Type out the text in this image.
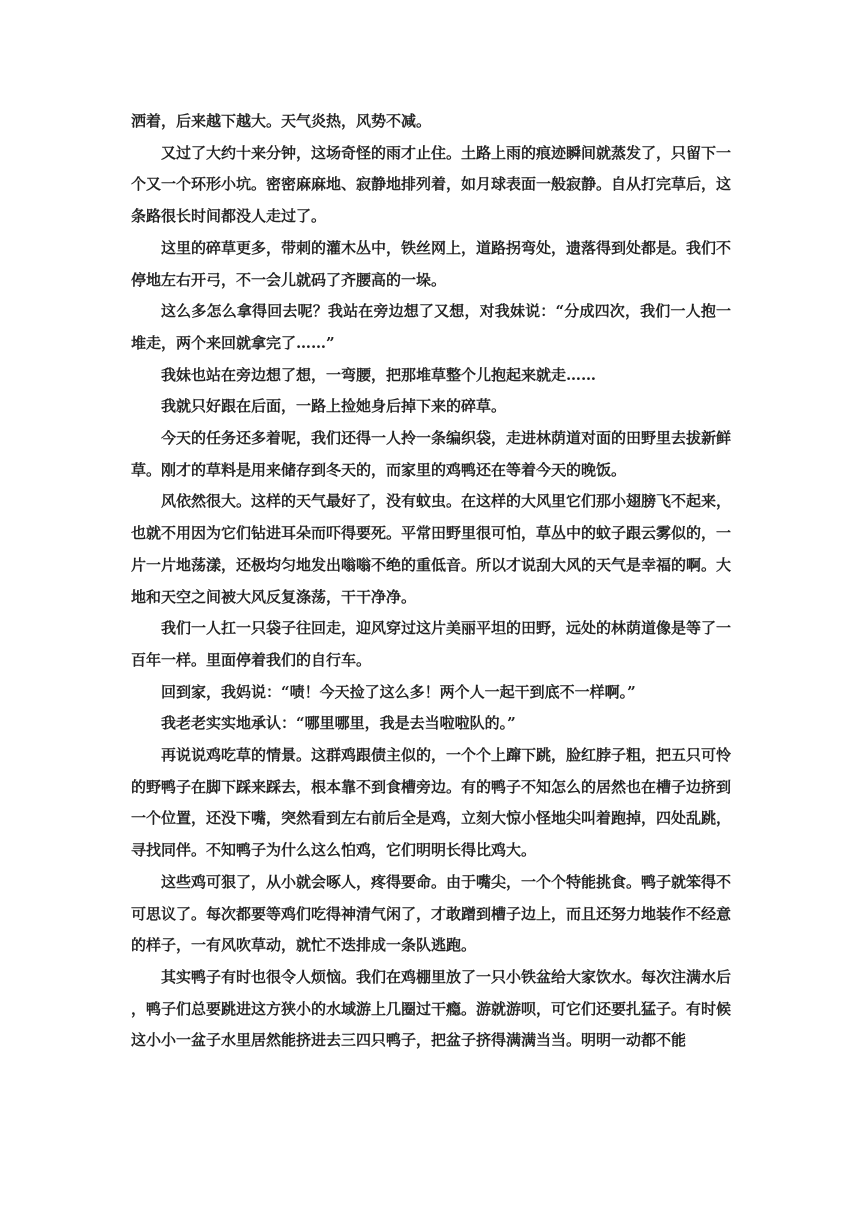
洒着，后来越下越大。天气炎热，风势不减。

又过了大约十来分钟，这场奇怪的雨才止住。土路上雨的痕迹瞬间就蒸发了，只留下一个又一个环形小坑。密密麻麻地、寂静地排列着，如月球表面一般寂静。自从打完草后，这条路很长时间都没人走过了。

这里的碎草更多，带刺的灌木丛中，铁丝网上，道路拐弯处，遗落得到处都是。我们不停地左右开弓，不一会儿就码了齐腰高的一垛。

这么多怎么拿得回去呢？我站在旁边想了又想，对我妹说：“分成四次，我们一人抱一堆走，两个来回就拿完了……”

我妹也站在旁边想了想，一弯腰，把那堆草整个儿抱起来就走……

我就只好跟在后面，一路上捡她身后掉下来的碎草。

今天的任务还多着呢，我们还得一人拎一条编织袋，走进林荫道对面的田野里去拔新鲜草。刚才的草料是用来储存到冬天的，而家里的鸡鸭还在等着今天的晚饭。

风依然很大。这样的天气最好了，没有蚊虫。在这样的大风里它们那小翅膀飞不起来，也就不用因为它们钻进耳朵而吓得要死。平常田野里很可怕，草丛中的蚊子跟云雾似的，一片一片地荡漾，还极均匀地发出嗡嗡不绝的重低音。所以才说刮大风的天气是幸福的啊。大地和天空之间被大风反复涤荡，干干净净。

我们一人扛一只袋子往回走，迎风穿过这片美丽平坦的田野，远处的林荫道像是等了一百年一样。里面停着我们的自行车。

回到家，我妈说：“啧！今天捡了这么多！两个人一起干到底不一样啊。”

我老老实实地承认：“哪里哪里，我是去当啦啦队的。”

再说说鸡吃草的情景。这群鸡跟债主似的，一个个上蹿下跳，脸红脖子粗，把五只可怜的野鸭子在脚下踩来踩去，根本靠不到食槽旁边。有的鸭子不知怎么的居然也在槽子边挤到一个位置，还没下嘴，突然看到左右前后全是鸡，立刻大惊小怪地尖叫着跑掉，四处乱跳，寻找同伴。不知鸭子为什么这么怕鸡，它们明明长得比鸡大。

这些鸡可狠了，从小就会啄人，疼得要命。由于嘴尖，一个个特能挑食。鸭子就笨得不可思议了。每次都要等鸡们吃得神清气闲了，才敢蹭到槽子边上，而且还努力地装作不经意的样子，一有风吹草动，就忙不迭排成一条队逃跑。

其实鸭子有时也很令人烦恼。我们在鸡棚里放了一只小铁盆给大家饮水。每次注满水后，鸭子们总要跳进这方狭小的水域游上几圈过干瘾。游就游呗，可它们还要扎猛子。有时候这小小一盆子水里居然能挤进去三四只鸭子，把盆子挤得满满当当。明明一动都不能
